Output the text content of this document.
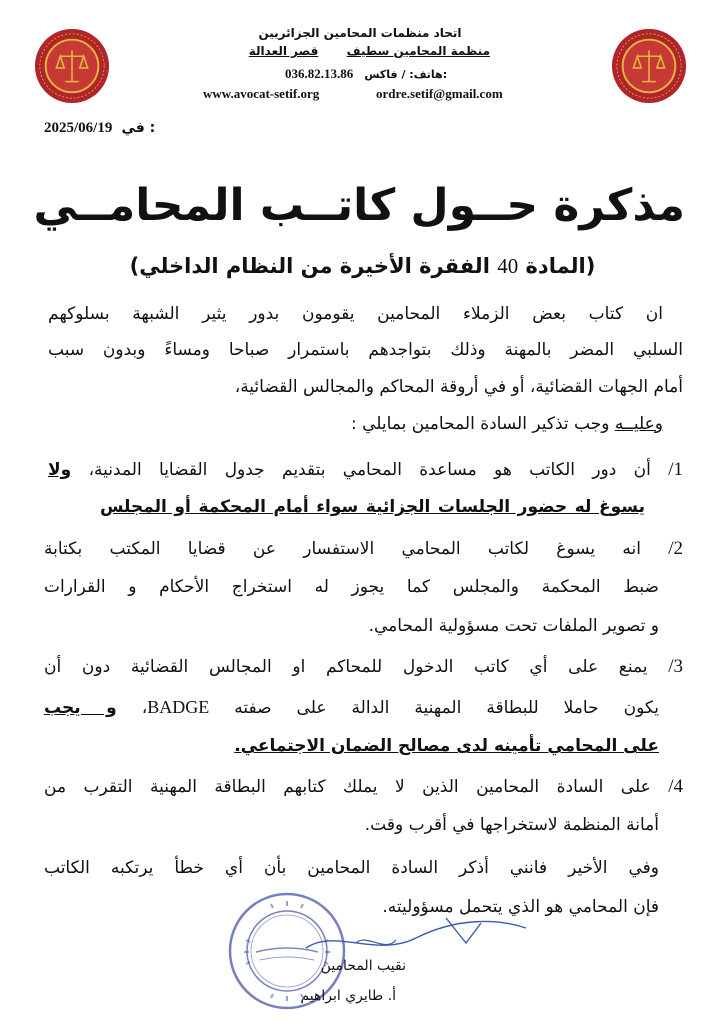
اتحاد منظمات المحامين الجزائريين
منظمة المحامين سطيف  قصر العدالة
036.82.13.86 هاتف: / فاكس:
www.avocat-setif.org	ordre.setif@gmail.com
2025/06/19 في :
مذكرة حــول كاتــب المحامــي
(المادة 40 الفقرة الأخيرة من النظام الداخلي)
ان كتاب بعض الزملاء المحامين يقومون بدور يثير الشبهة بسلوكهم
السلبي المضر بالمهنة وذلك بتواجدهم باستمرار صباحا ومساءً وبدون سبب
أمام الجهات القضائية، أو في أروقة المحاكم والمجالس القضائية،
وعليــه وجب تذكير السادة المحامين بمايلي :
1/ أن دور الكاتب هو مساعدة المحامي بتقديم جدول القضايا المدنية، ولا
يسوغ له حضور الجلسات الجزائية سواء أمام المحكمة أو المجلس
2/ انه يسوغ لكاتب المحامي الاستفسار عن قضايا المكتب بكتابة
ضبط المحكمة والمجلس كما يجوز له استخراج الأحكام و القرارات
و تصوير الملفات تحت مسؤولية المحامي.
3/ يمنع على أي كاتب الدخول للمحاكم او المجالس القضائية دون أن
يكون حاملا للبطاقة المهنية الدالة على صفته BADGE، و يجب
على المحامي تأمينه لدى مصالح الضمان الاجتماعي.
4/ على السادة المحامين الذين لا يملك كتابهم البطاقة المهنية التقرب من
أمانة المنظمة لاستخراجها في أقرب وقت.
وفي الأخير فانني أذكر السادة المحامين بأن أي خطأ يرتكبه الكاتب
فإن المحامي هو الذي يتحمل مسؤوليته.
نقيب المحامين
أ. طايري ابراهيم
